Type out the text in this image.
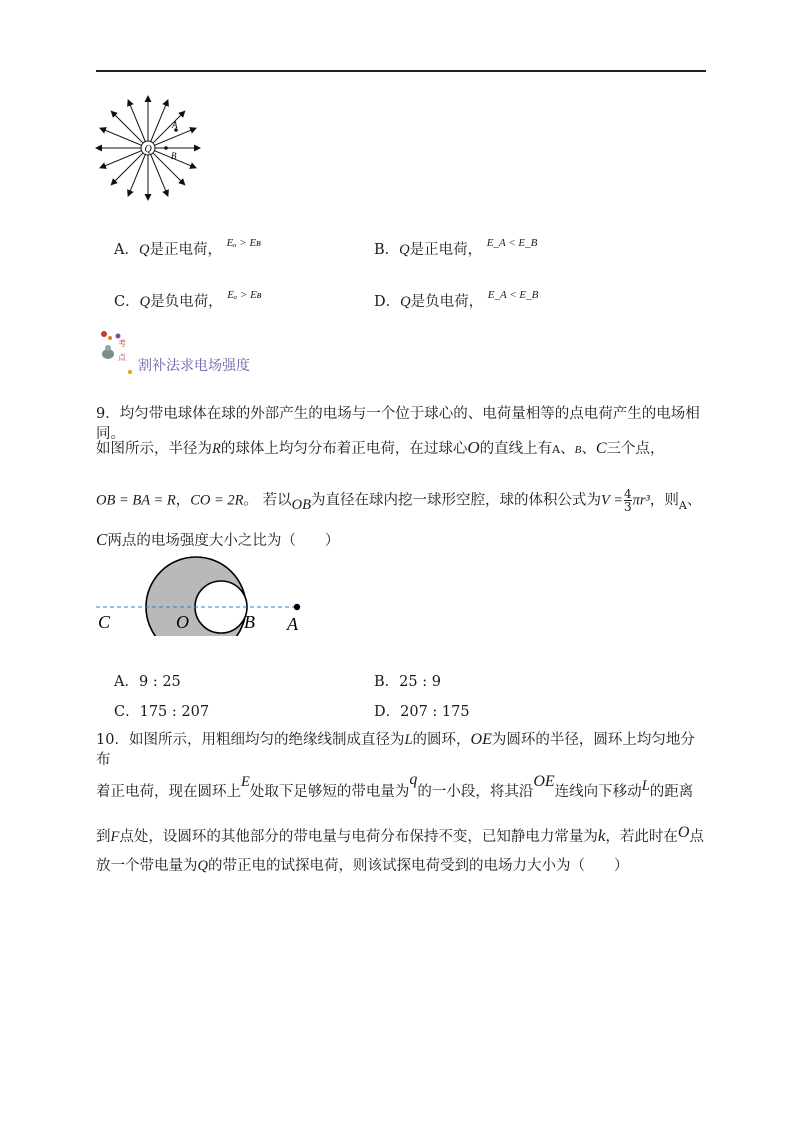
Q
A
B
A．Q是正电荷， $^{E_a > Eʙ}$	B．Q是正电荷， $^{E\_A < E\_B}$
C．Q是负电荷， $^{E_a > Eʙ}$	D．Q是负电荷， $^{E\_A < E\_B}$
考
点
割补法求电场强度
9．均匀带电球体在球的外部产生的电场与一个位于球心的、电荷量相等的点电荷产生的电场相同。
如图所示，半径为R的球体上均匀分布着正电荷，在过球心O的直线上有A、B、C三个点，
OB = BA = R，CO = 2R。 若以OB为直径在球内挖一球形空腔，球的体积公式为$V = \frac{4}{3} \pi r^3$，则$_A$、
C两点的电场强度大小之比为（　　）
C	O	B A
A．9 : 25	B．25 : 9
C．175 : 207	D．207 : 175
10．如图所示，用粗细均匀的绝缘线制成直径为L的圆环，OE为圆环的半径，圆环上均匀地分布
着正电荷，现在圆环上E处取下足够短的带电量为q的一小段，将其沿OE连线向下移动L的距离
到F点处，设圆环的其他部分的带电量与电荷分布保持不变，已知静电力常量为k，若此时在O点
放一个带电量为Q的带正电的试探电荷，则该试探电荷受到的电场力大小为（　　）
